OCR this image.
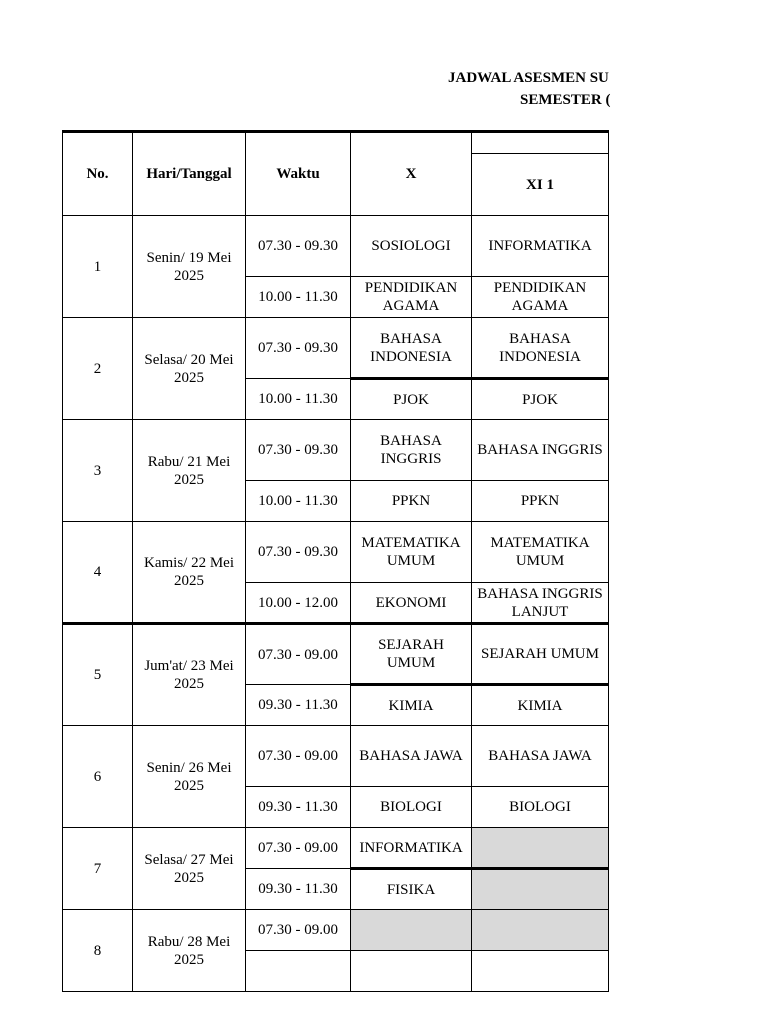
JADWAL ASESMEN SU
SEMESTER (
No.	Hari/Tanggal	Waktu	X	
				XI 1
1	Senin/ 19 Mei 2025	07.30 - 09.30	SOSIOLOGI	INFORMATIKA
		10.00 - 11.30	PENDIDIKAN AGAMA	PENDIDIKAN AGAMA
2	Selasa/ 20 Mei 2025	07.30 - 09.30	BAHASA INDONESIA	BAHASA INDONESIA
		10.00 - 11.30	PJOK	PJOK
3	Rabu/ 21 Mei 2025	07.30 - 09.30	BAHASA INGGRIS	BAHASA INGGRIS
		10.00 - 11.30	PPKN	PPKN
4	Kamis/ 22 Mei 2025	07.30 - 09.30	MATEMATIKA UMUM	MATEMATIKA UMUM
		10.00 - 12.00	EKONOMI	BAHASA INGGRIS LANJUT
5	Jum'at/ 23 Mei 2025	07.30 - 09.00	SEJARAH UMUM	SEJARAH UMUM
		09.30 - 11.30	KIMIA	KIMIA
6	Senin/ 26 Mei 2025	07.30 - 09.00	BAHASA JAWA	BAHASA JAWA
		09.30 - 11.30	BIOLOGI	BIOLOGI
7	Selasa/ 27 Mei 2025	07.30 - 09.00	INFORMATIKA	
		09.30 - 11.30	FISIKA	
8	Rabu/ 28 Mei 2025	07.30 - 09.00		
